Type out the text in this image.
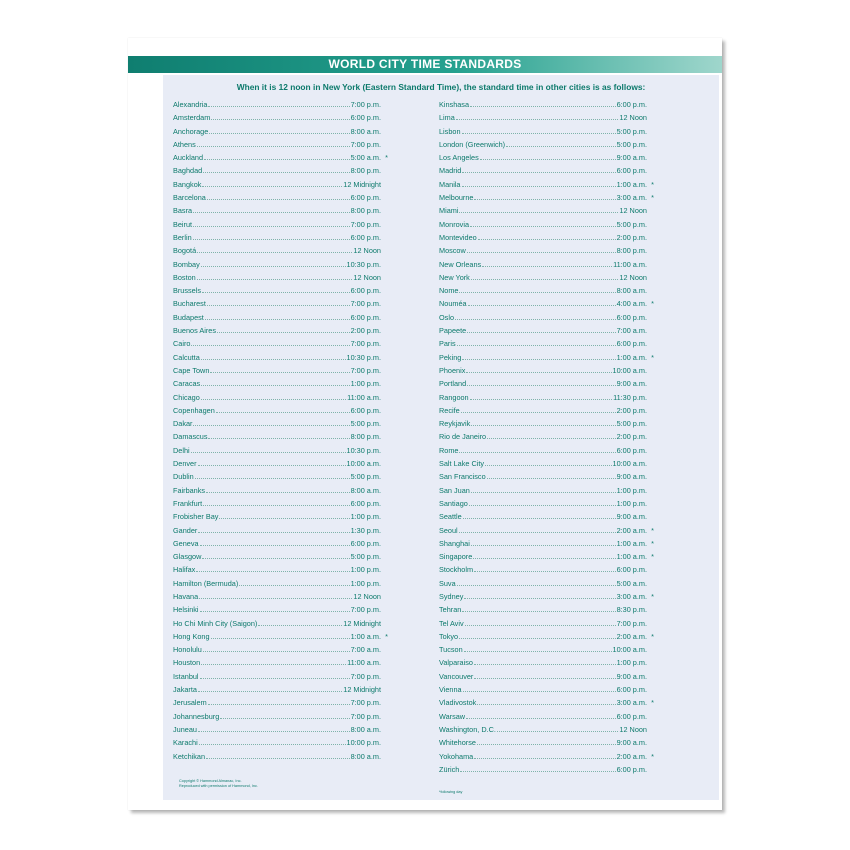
WORLD CITY TIME STANDARDS
When it is 12 noon in New York (Eastern Standard Time), the standard time in other cities is as follows:
Alexandria	7:00 p.m.
Amsterdam	6:00 p.m.
Anchorage	8:00 a.m.
Athens	7:00 p.m.
Auckland	5:00 a.m. *
Baghdad	8:00 p.m.
Bangkok	12 Midnight
Barcelona	6:00 p.m.
Basra	8:00 p.m.
Beirut	7:00 p.m.
Berlin	6:00 p.m.
Bogotá	12 Noon
Bombay	10:30 p.m.
Boston	12 Noon
Brussels	6:00 p.m.
Bucharest	7:00 p.m.
Budapest	6:00 p.m.
Buenos Aires	2:00 p.m.
Cairo	7:00 p.m.
Calcutta	10:30 p.m.
Cape Town	7:00 p.m.
Caracas	1:00 p.m.
Chicago	11:00 a.m.
Copenhagen	6:00 p.m.
Dakar	5:00 p.m.
Damascus	8:00 p.m.
Delhi	10:30 p.m.
Denver	10:00 a.m.
Dublin	5:00 p.m.
Fairbanks	8:00 a.m.
Frankfurt	6:00 p.m.
Frobisher Bay	1:00 p.m.
Gander	1:30 p.m.
Geneva	6:00 p.m.
Glasgow	5:00 p.m.
Halifax	1:00 p.m.
Hamilton (Bermuda)	1:00 p.m.
Havana	12 Noon
Helsinki	7:00 p.m.
Ho Chi Minh City (Saigon)	12 Midnight
Hong Kong	1:00 a.m. *
Honolulu	7:00 a.m.
Houston	11:00 a.m.
Istanbul	7:00 p.m.
Jakarta	12 Midnight
Jerusalem	7:00 p.m.
Johannesburg	7:00 p.m.
Juneau	8:00 a.m.
Karachi	10:00 p.m.
Ketchikan	8:00 a.m.
Kinshasa	6:00 p.m.
Lima	12 Noon
Lisbon	5:00 p.m.
London (Greenwich)	5:00 p.m.
Los Angeles	9:00 a.m.
Madrid	6:00 p.m.
Manila	1:00 a.m. *
Melbourne	3:00 a.m. *
Miami	12 Noon
Monrovia	5:00 p.m.
Montevideo	2:00 p.m.
Moscow	8:00 p.m.
New Orleans	11:00 a.m.
New York	12 Noon
Nome	8:00 a.m.
Nouméa	4:00 a.m. *
Oslo	6:00 p.m.
Papeete	7:00 a.m.
Paris	6:00 p.m.
Peking	1:00 a.m. *
Phoenix	10:00 a.m.
Portland	9:00 a.m.
Rangoon	11:30 p.m.
Recife	2:00 p.m.
Reykjavik	5:00 p.m.
Rio de Janeiro	2:00 p.m.
Rome	6:00 p.m.
Salt Lake City	10:00 a.m.
San Francisco	9:00 a.m.
San Juan	1:00 p.m.
Santiago	1:00 p.m.
Seattle	9:00 a.m.
Seoul	2:00 a.m. *
Shanghai	1:00 a.m. *
Singapore	1:00 a.m. *
Stockholm	6:00 p.m.
Suva	5:00 a.m.
Sydney	3:00 a.m. *
Tehran	8:30 p.m.
Tel Aviv	7:00 p.m.
Tokyo	2:00 a.m. *
Tucson	10:00 a.m.
Valparaiso	1:00 p.m.
Vancouver	9:00 a.m.
Vienna	6:00 p.m.
Vladivostok	3:00 a.m. *
Warsaw	6:00 p.m.
Washington, D.C.	12 Noon
Whitehorse	9:00 a.m.
Yokohama	2:00 a.m. *
Zürich	6:00 p.m.
Copyright © Hammond Almanac, Inc.
Reproduced with permission of Hammond, Inc.
*following day
